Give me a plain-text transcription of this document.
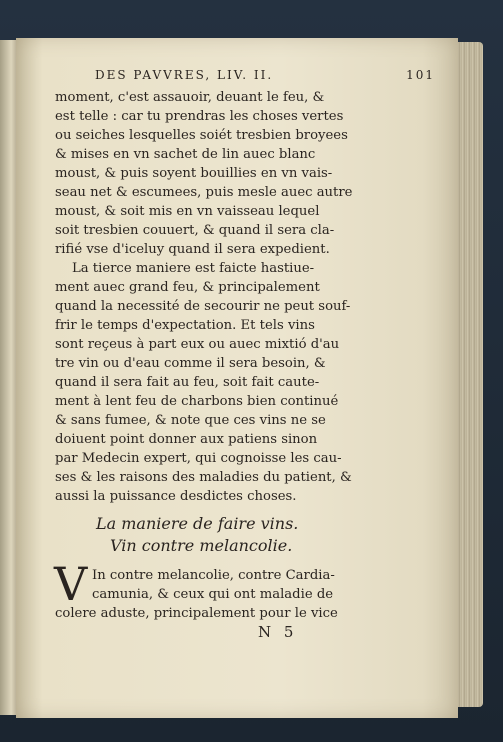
DES PAVVRES, LIV. II.	101
moment, c'est assauoir, deuant le feu, &
est telle : car tu prendras les choses vertes
ou seiches lesquelles soiét tresbien broyees
& mises en vn sachet de lin auec blanc
moust, & puis soyent bouillies en vn vais-
seau net & escumees, puis mesle auec autre
moust, & soit mis en vn vaisseau lequel
soit tresbien couuert, & quand il sera cla-
rifié vse d'iceluy quand il sera expedient.
La tierce maniere est faicte hastiue-
ment auec grand feu, & principalement
quand la necessité de secourir ne peut souf-
frir le temps d'expectation. Et tels vins
sont reçeus à part eux ou auec mixtió d'au
tre vin ou d'eau comme il sera besoin, &
quand il sera fait au feu, soit fait caute-
ment à lent feu de charbons bien continué
& sans fumee, & note que ces vins ne se
doiuent point donner aux patiens sinon
par Medecin expert, qui cognoisse les cau-
ses & les raisons des maladies du patient, &
aussi la puissance desdictes choses.
La maniere de faire vins.
Vin contre melancolie.
V In contre melancolie, contre Cardia-
camunia, & ceux qui ont maladie de
colere aduste, principalement pour le vice
N 5
